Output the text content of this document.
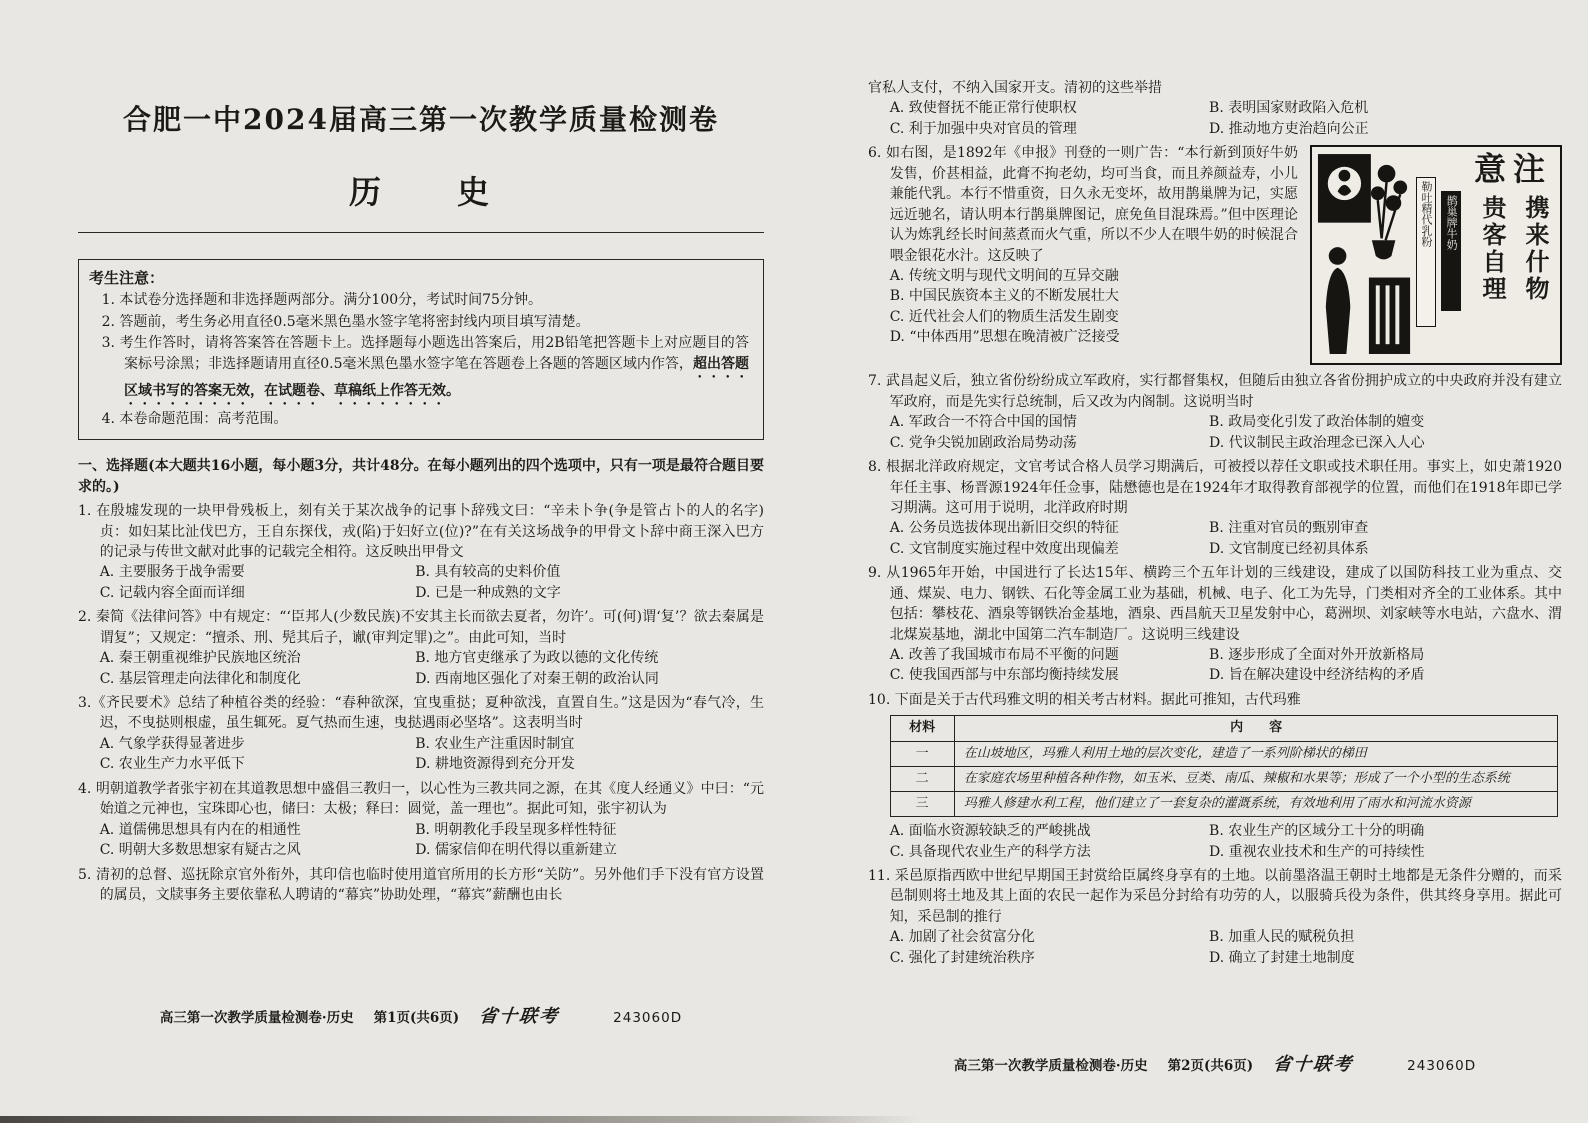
合肥一中2024届高三第一次教学质量检测卷
历　　史
考生注意：

1. 本试卷分选择题和非选择题两部分。满分100分，考试时间75分钟。

2. 答题前，考生务必用直径0.5毫米黑色墨水签字笔将密封线内项目填写清楚。

3. 考生作答时，请将答案答在答题卡上。选择题每小题选出答案后，用2B铅笔把答题卡上对应题目的答案标号涂黑；非选择题请用直径0.5毫米黑色墨水签字笔在答题卷上各题的答题区域内作答，超出答题区域书写的答案无效，在试题卷、草稿纸上作答无效。

4. 本卷命题范围：高考范围。

一、选择题(本大题共16小题，每小题3分，共计48分。在每小题列出的四个选项中，只有一项是最符合题目要求的。)

1. 在殷墟发现的一块甲骨残板上，刻有关于某次战争的记事卜辞残文曰：“辛未卜争(争是管占卜的人的名字)贞：如妇某比沚伐巴方，王自东探伐，戎(陷)于妇好立(位)?”在有关这场战争的甲骨文卜辞中商王深入巴方的记录与传世文献对此事的记载完全相符。这反映出甲骨文

A. 主要服务于战争需要	B. 具有较高的史料价值
C. 记载内容全面而详细	D. 已是一种成熟的文字

2. 秦简《法律问答》中有规定：“‘臣邦人(少数民族)不安其主长而欲去夏者，勿许’。可(何)谓‘复’？欲去秦属是谓复”；又规定：“擅杀、刑、髡其后子，谳(审判定罪)之”。由此可知，当时

A. 秦王朝重视维护民族地区统治	B. 地方官吏继承了为政以德的文化传统
C. 基层管理走向法律化和制度化	D. 西南地区强化了对秦王朝的政治认同

3.《齐民要术》总结了种植谷类的经验：“春种欲深，宜曳重挞；夏种欲浅，直置自生。”这是因为“春气冷，生迟，不曳挞则根虚，虽生辄死。夏气热而生速，曳挞遇雨必坚垎”。这表明当时

A. 气象学获得显著进步	B. 农业生产注重因时制宜
C. 农业生产力水平低下	D. 耕地资源得到充分开发

4. 明朝道教学者张宇初在其道教思想中盛倡三教归一，以心性为三教共同之源，在其《度人经通义》中曰：“元始道之元神也，宝珠即心也，储曰：太极；释曰：圆觉，盖一理也”。据此可知，张宇初认为

A. 道儒佛思想具有内在的相通性	B. 明朝教化手段呈现多样性特征
C. 明朝大多数思想家有疑古之风	D. 儒家信仰在明代得以重新建立

5. 清初的总督、巡抚除京官外衔外，其印信也临时使用道官所用的长方形“关防”。另外他们手下没有官方设置的属员，文牍事务主要依靠私人聘请的“幕宾”协助处理，“幕宾”薪酬也由长

高三第一次教学质量检测卷·历史 第1页(共6页) 省十联考	243060D

官私人支付，不纳入国家开支。清初的这些举措

A. 致使督抚不能正常行使职权	B. 表明国家财政陷入危机
C. 利于加强中央对官员的管理	D. 推动地方吏治趋向公正
勒吐精代乳粉	鹊巢牌牛奶
意注
贵客自理 携来什物

6. 如右图，是1892年《申报》刊登的一则广告：“本行新到顶好牛奶发售，价甚相益，此膏不拘老幼，均可当食，而且养颜益寿，小儿兼能代乳。本行不惜重资，日久永无变坏，故用鹊巢牌为记，实愿远近驰名，请认明本行鹊巢牌图记，庶免鱼目混珠焉。”但中医理论认为炼乳经长时间蒸煮而火气重，所以不少人在喂牛奶的时候混合喂金银花水汁。这反映了

A. 传统文明与现代文明间的互异交融

B. 中国民族资本主义的不断发展壮大

C. 近代社会人们的物质生活发生剧变

D. “中体西用”思想在晚清被广泛接受

7. 武昌起义后，独立省份纷纷成立军政府，实行都督集权，但随后由独立各省份拥护成立的中央政府并没有建立军政府，而是先实行总统制，后又改为内阁制。这说明当时

A. 军政合一不符合中国的国情	B. 政局变化引发了政治体制的嬗变
C. 党争尖锐加剧政治局势动荡	D. 代议制民主政治理念已深入人心

8. 根据北洋政府规定，文官考试合格人员学习期满后，可被授以荐任文职或技术职任用。事实上，如史萧1920年任主事、杨晋源1924年任佥事，陆懋德也是在1924年才取得教育部视学的位置，而他们在1918年即已学习期满。这可用于说明，北洋政府时期

A. 公务员选拔体现出新旧交织的特征	B. 注重对官员的甄别审查
C. 文官制度实施过程中效度出现偏差	D. 文官制度已经初具体系

9. 从1965年开始，中国进行了长达15年、横跨三个五年计划的三线建设，建成了以国防科技工业为重点、交通、煤炭、电力、钢铁、石化等金属工业为基础，机械、电子、化工为先导，门类相对齐全的工业体系。其中包括：攀枝花、酒泉等钢铁冶金基地，酒泉、西昌航天卫星发射中心，葛洲坝、刘家峡等水电站，六盘水、渭北煤炭基地，湖北中国第二汽车制造厂。这说明三线建设

A. 改善了我国城市布局不平衡的问题	B. 逐步形成了全面对外开放新格局
C. 使我国西部与中东部均衡持续发展	D. 旨在解决建设中经济结构的矛盾

10. 下面是关于古代玛雅文明的相关考古材料。据此可推知，古代玛雅

材料	内　　容
一	在山坡地区，玛雅人利用土地的层次变化，建造了一系列阶梯状的梯田
二	在家庭农场里种植各种作物，如玉米、豆类、南瓜、辣椒和水果等；形成了一个小型的生态系统
三	玛雅人修建水利工程，他们建立了一套复杂的灌溉系统，有效地利用了雨水和河流水资源
A. 面临水资源较缺乏的严峻挑战	B. 农业生产的区域分工十分的明确
C. 具备现代农业生产的科学方法	D. 重视农业技术和生产的可持续性

11. 采邑原指西欧中世纪早期国王封赏给臣属终身享有的土地。以前墨洛温王朝时土地都是无条件分赠的，而采邑制则将土地及其上面的农民一起作为采邑分封给有功劳的人，以服骑兵役为条件，供其终身享用。据此可知，采邑制的推行

A. 加剧了社会贫富分化	B. 加重人民的赋税负担
C. 强化了封建统治秩序	D. 确立了封建土地制度
高三第一次教学质量检测卷·历史 第2页(共6页) 省十联考	243060D
